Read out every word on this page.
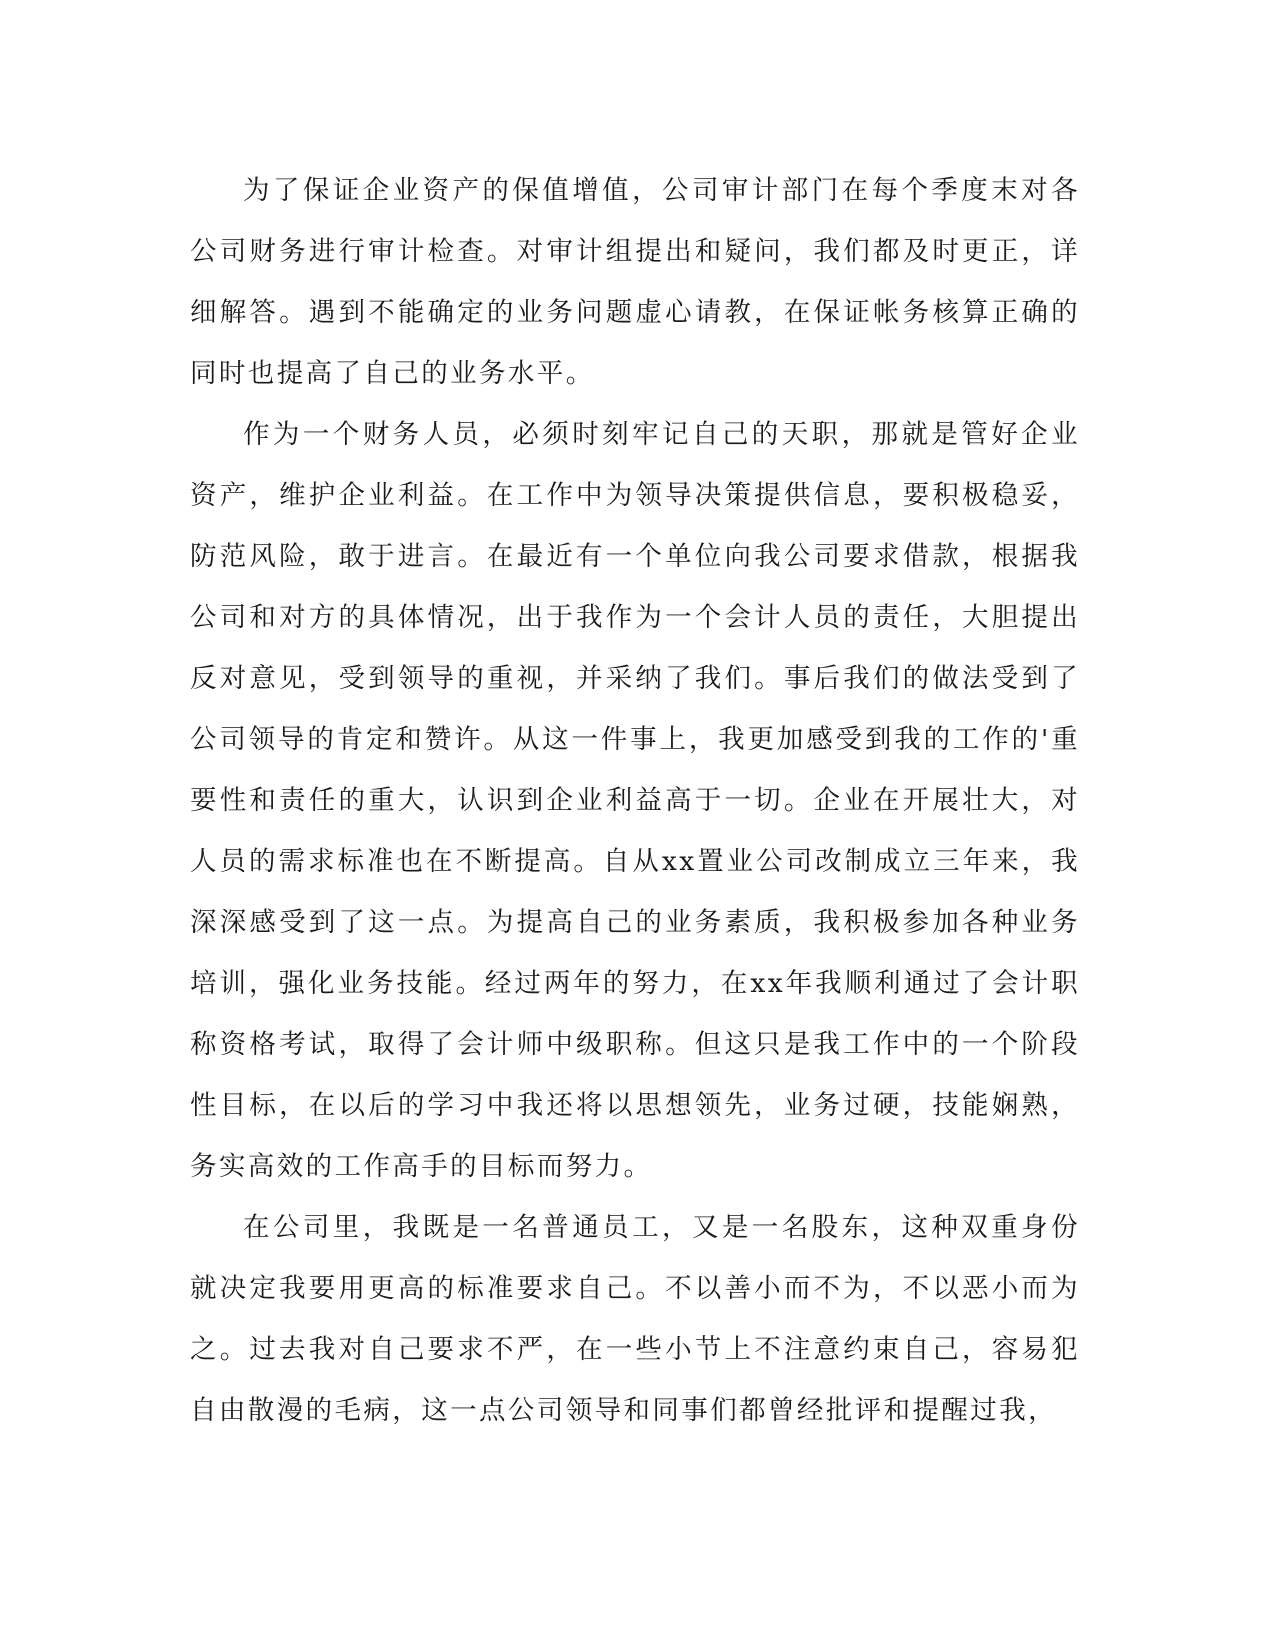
为了保证企业资产的保值增值，公司审计部门在每个季度末对各公司财务进行审计检查。对审计组提出和疑问，我们都及时更正，详细解答。遇到不能确定的业务问题虚心请教，在保证帐务核算正确的同时也提高了自己的业务水平。

作为一个财务人员，必须时刻牢记自己的天职，那就是管好企业资产，维护企业利益。在工作中为领导决策提供信息，要积极稳妥，防范风险，敢于进言。在最近有一个单位向我公司要求借款，根据我公司和对方的具体情况，出于我作为一个会计人员的责任，大胆提出反对意见，受到领导的重视，并采纳了我们。事后我们的做法受到了公司领导的肯定和赞许。从这一件事上，我更加感受到我的工作的'重要性和责任的重大，认识到企业利益高于一切。企业在开展壮大，对人员的需求标准也在不断提高。自从xx置业公司改制成立三年来，我深深感受到了这一点。为提高自己的业务素质，我积极参加各种业务培训，强化业务技能。经过两年的努力，在xx年我顺利通过了会计职称资格考试，取得了会计师中级职称。但这只是我工作中的一个阶段性目标，在以后的学习中我还将以思想领先，业务过硬，技能娴熟，务实高效的工作高手的目标而努力。

在公司里，我既是一名普通员工，又是一名股东，这种双重身份就决定我要用更高的标准要求自己。不以善小而不为，不以恶小而为之。过去我对自己要求不严，在一些小节上不注意约束自己，容易犯自由散漫的毛病，这一点公司领导和同事们都曾经批评和提醒过我，
